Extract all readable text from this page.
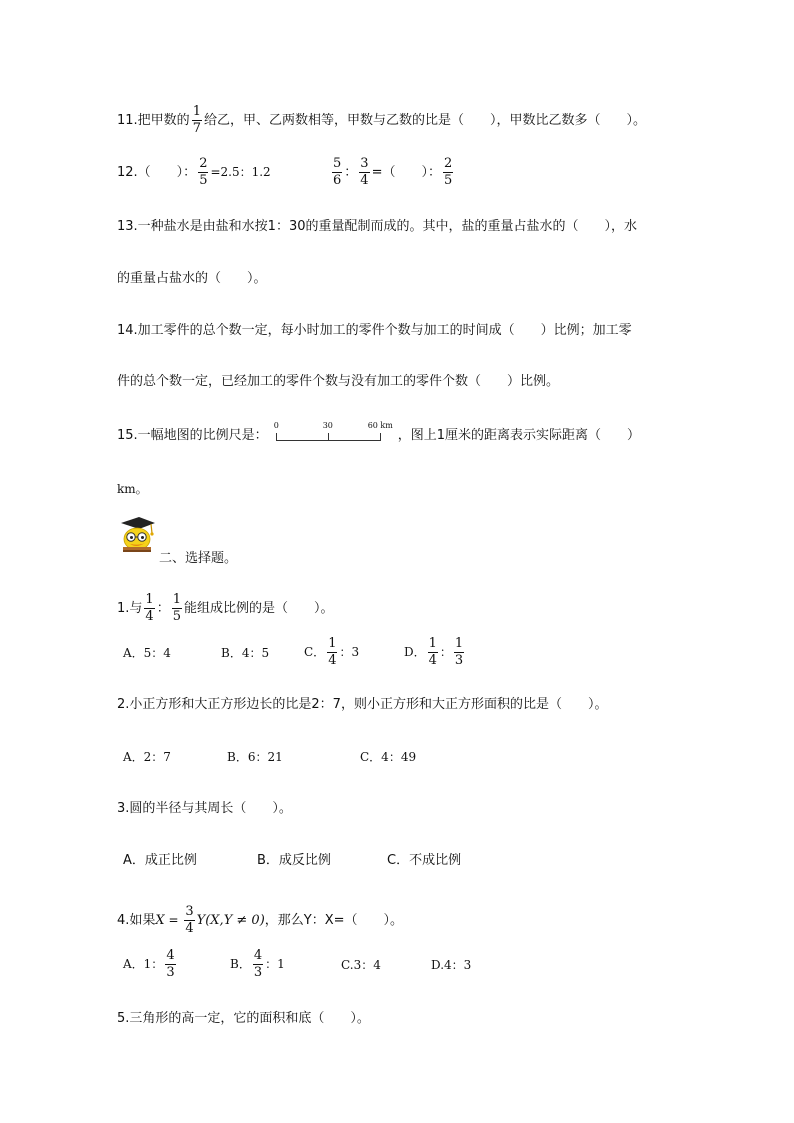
11.把甲数的 $\frac{1}{7}$ 给乙，甲、乙两数相等，甲数与乙数的比是（　　），甲数比乙数多（　　）。
12.（　　）： $\frac{2}{5} =2.5$：1.2	$\frac{5}{6}$ ： $\frac{3}{4}$ =（　　）： $\frac{2}{5}$
13.一种盐水是由盐和水按1：30的重量配制而成的。其中，盐的重量占盐水的（　　），水
的重量占盐水的（　　）。
14.加工零件的总个数一定，每小时加工的零件个数与加工的时间成（　　）比例；加工零
件的总个数一定，已经加工的零件个数与没有加工的零件个数（　　）比例。
15.一幅地图的比例尺是：
0	30	60 km
，图上1厘米的距离表示实际距离（　　）
km。
二、选择题。
1.与 $\frac{1}{4}$ ： $\frac{1}{5}$ 能组成比例的是（　　）。
A．5：4	B．4：5	C． $\frac{1}{4}$ ：3	D． $\frac{1}{4}$ ： $\frac{1}{3}$
2.小正方形和大正方形边长的比是2：7，则小正方形和大正方形面积的比是（　　）。
A．2：7	B．6：21	C．4：49
3.圆的半径与其周长（　　）。
A．成正比例	B．成反比例	C．不成比例
4.如果$X = \frac{3}{4} Y(X,Y \ne 0)$，那么Y：X=（　　）。
A．1： $\frac{4}{3}$	B． $\frac{4}{3}$ ：1	C.3：4	D.4：3
5.三角形的高一定，它的面积和底（　　）。
